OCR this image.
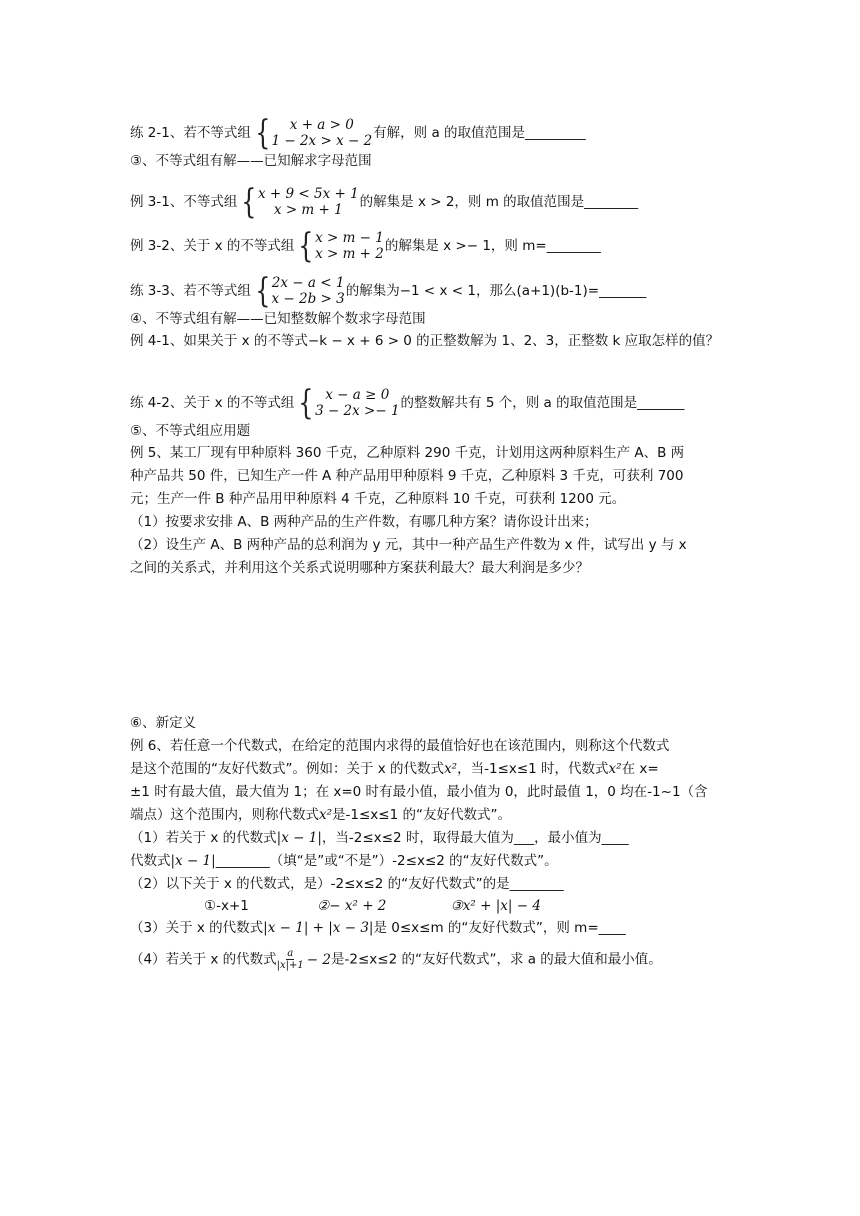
练 2-1、若不等式组 {	x + a > 0
1 − 2x > x − 2 有解，则 a 的取值范围是_________
③、不等式组有解——已知解求字母范围
例 3-1、不等式组 { x + 9 < 5x + 1
x > m + 1	的解集是 x > 2，则 m 的取值范围是________
例 3-2、关于 x 的不等式组 { x > m − 1
x > m + 2 的解集是 x >− 1，则 m=________
练 3-3、若不等式组 { 2x − a < 1
x − 2b > 3 的解集为−1 < x < 1，那么(a+1)(b-1)=_______
④、不等式组有解——已知整数解个数求字母范围
例 4-1、如果关于 x 的不等式−k − x + 6 > 0 的正整数解为 1、2、3，正整数 k 应取怎样的值？
练 4-2、关于 x 的不等式组 { x − a ≥ 0
3 − 2x >− 1 的整数解共有 5 个，则 a 的取值范围是_______
⑤、不等式组应用题
例 5、某工厂现有甲种原料 360 千克，乙种原料 290 千克，计划用这两种原料生产 A、B 两
种产品共 50 件，已知生产一件 A 种产品用甲种原料 9 千克，乙种原料 3 千克，可获利 700
元；生产一件 B 种产品用甲种原料 4 千克，乙种原料 10 千克，可获利 1200 元。
（1）按要求安排 A、B 两种产品的生产件数，有哪几种方案？请你设计出来；
（2）设生产 A、B 两种产品的总利润为 y 元，其中一种产品生产件数为 x 件，试写出 y 与 x
之间的关系式，并利用这个关系式说明哪种方案获利最大？最大利润是多少？
⑥、新定义
例 6、若任意一个代数式，在给定的范围内求得的最值恰好也在该范围内，则称这个代数式
是这个范围的“友好代数式”。例如：关于 x 的代数式x²，当-1≤x≤1 时，代数式x²在 x=
±1 时有最大值，最大值为 1；在 x=0 时有最小值，最小值为 0，此时最值 1，0 均在-1~1（含
端点）这个范围内，则称代数式x²是-1≤x≤1 的“友好代数式”。
（1）若关于 x 的代数式|x − 1|，当-2≤x≤2 时，取得最大值为___，最小值为____
代数式|x − 1|________（填“是”或“不是”）-2≤x≤2 的“友好代数式”。
（2）以下关于 x 的代数式，是）-2≤x≤2 的“友好代数式”的是________
①-x+1	②− x² + 2	③x² + |x| − 4
（3）关于 x 的代数式|x − 1| + |x − 3|是 0≤x≤m 的“友好代数式”，则 m=____
（4）若关于 x 的代数式 $\frac{a}{|x|+1} - 2$是-2≤x≤2 的“友好代数式”，求 a 的最大值和最小值。
